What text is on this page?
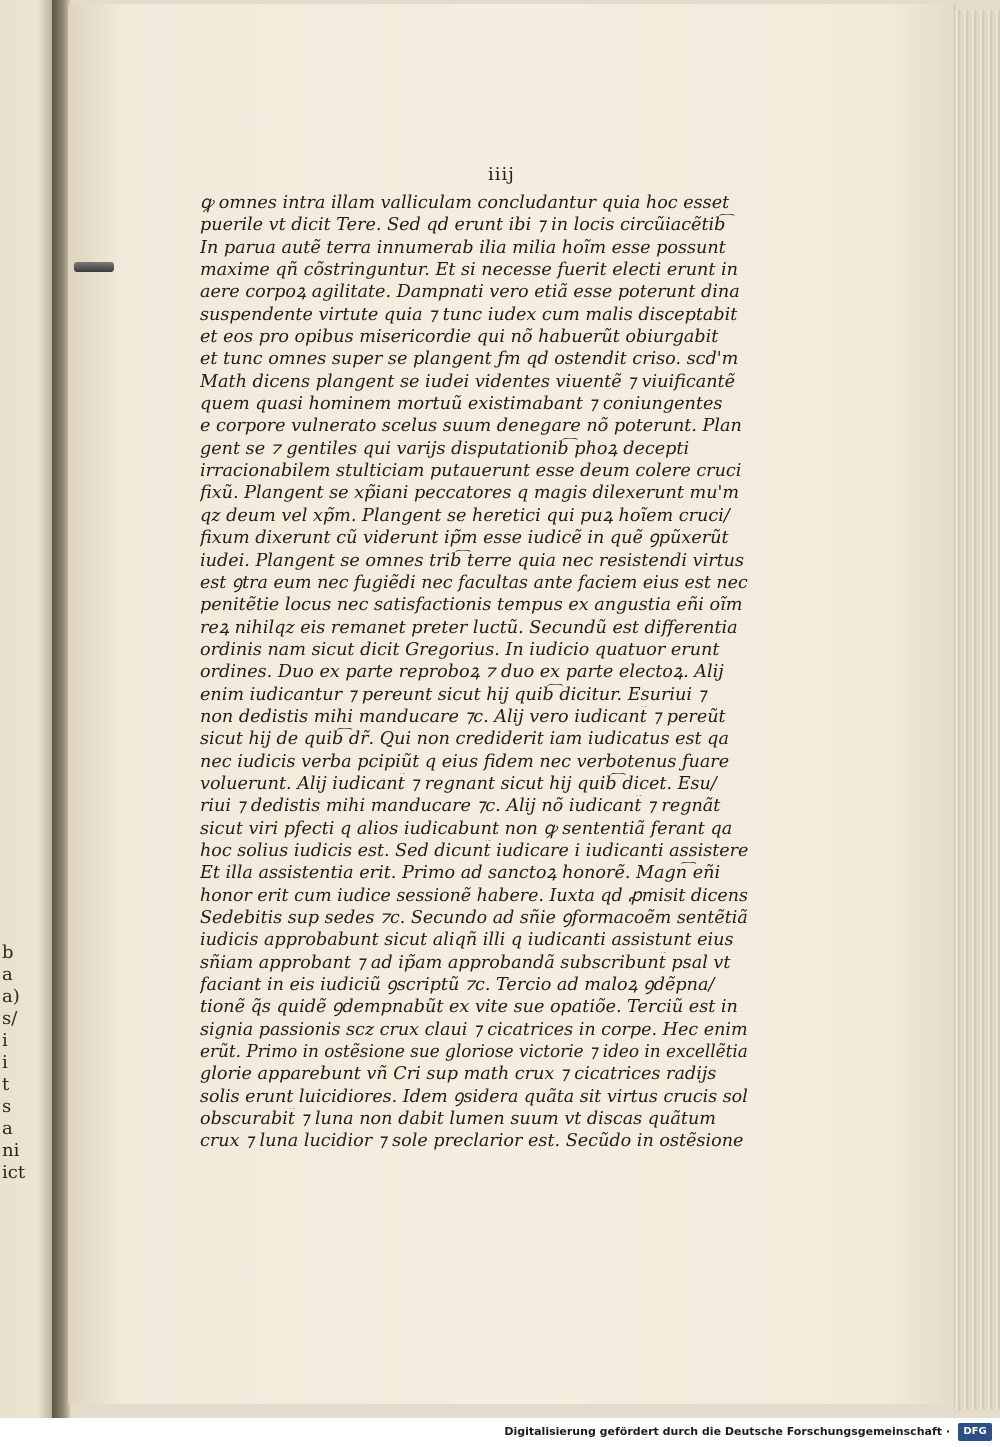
b
a
a)
s/
i
i
t
s
a
ni
ict
iiij
ꝙ omnes intra illam valliculam concludantur quia hoc esset
puerile vt dicit Tere. Sed qd erunt ibi ⁊ in locis circũiacẽtib͡
In parua autẽ terra innumerab ilia milia hoĩm esse possunt
maxime qñ cõstringuntur. Et si necesse fuerit electi erunt in
aere corpoꝝ agilitate. Dampnati vero etiã esse poterunt dina
suspendente virtute quia ⁊ tunc iudex cum malis disceptabit
et eos pro opibus misericordie qui nõ habuerũt obiurgabit
et tunc omnes super se plangent ƒm qd ostendit criso. scd'm
Math dicens plangent se iudei videntes viuentẽ ⁊ viuificantẽ
quem quasi hominem mortuũ existimabant ⁊ coniungentes
e corpore vulnerato scelus suum denegare nõ poterunt. Plan
gent se ⁊ gentiles qui varijs disputationib͡ phoꝝ decepti
irracionabilem stulticiam putauerunt esse deum colere cruci
fixũ. Plangent se xp̃iani peccatores q magis dilexerunt mu'm
qz deum vel xp̃m. Plangent se heretici qui puꝝ hoĩem cruci/
fixum dixerunt cũ viderunt ip̃m esse iudicẽ in quẽ ꝯpũxerũt
iudei. Plangent se omnes trib͡ terre quia nec resistendi virtus
est ꝯtra eum nec fugiẽdi nec facultas ante faciem eius est nec
penitẽtie locus nec satisfactionis tempus ex angustia eñi oĩm
reꝝ nihilqz eis remanet preter luctũ. Secundũ est differentia
ordinis nam sicut dicit Gregorius. In iudicio quatuor erunt
ordines. Duo ex parte reproboꝝ ⁊ duo ex parte electoꝝ. Alij
enim iudicantur ⁊ pereunt sicut hij quib͡ dicitur. Esuriui ⁊
non dedistis mihi manducare ⁊c. Alij vero iudicant̃ ⁊ pereũt
sicut hij de quib͡ dr̃. Qui non crediderit iam iudicatus est qa
nec iudicis verba pcipiũt q eius fidem nec verbotenus ƒuare
voluerunt. Alij iudicant̃ ⁊ regnant sicut hij quib͡ dicet. Esu/
riui ⁊ dedistis mihi manducare ⁊c. Alij nõ iudicant̃ ⁊ regnãt
sicut viri pfecti q alios iudicabunt non ꝙ sententiã ferant qa
hoc solius iudicis est. Sed dicunt̃ iudicare i iudicanti assistere
Et illa assistentia erit. Primo ad sanctoꝝ honorẽ. Magn͡ eñi
honor erit cum iudice sessionẽ habere. Iuxta qd ꝓmisit dicens
Sedebitis sup sedes ⁊c. Secundo ad sñie ꝯformacoẽm sentẽtiã
iudicis approbabunt sicut aliqñ illi q iudicanti assistunt eius
sñiam approbant ⁊ ad ip̃am approbandã subscribunt̃ psal vt
faciant in eis iudiciũ ꝯscriptũ ⁊c. Tercio ad maloꝝ ꝯdẽpna/
tionẽ q̃s quidẽ ꝯdempnabũt ex vite sue opatiõe. Terciũ est in
signia passionis scz crux claui ⁊ cicatrices in corpe. Hec enim
erũt. Primo in ostẽsione sue gloriose victorie ⁊ ideo in excellẽtia
glorie apparebunt vñ Cri sup math crux ⁊ cicatrices radijs
solis erunt luicidiores. Idem ꝯsidera quãta sit virtus crucis sol
obscurabit̃ ⁊ luna non dabit lumen suum vt discas quãtum
crux ⁊ luna lucidior ⁊ sole preclarior est. Secũdo in ostẽsione
Digitalisierung gefördert durch die Deutsche Forschungsgemeinschaft ·	DFG
